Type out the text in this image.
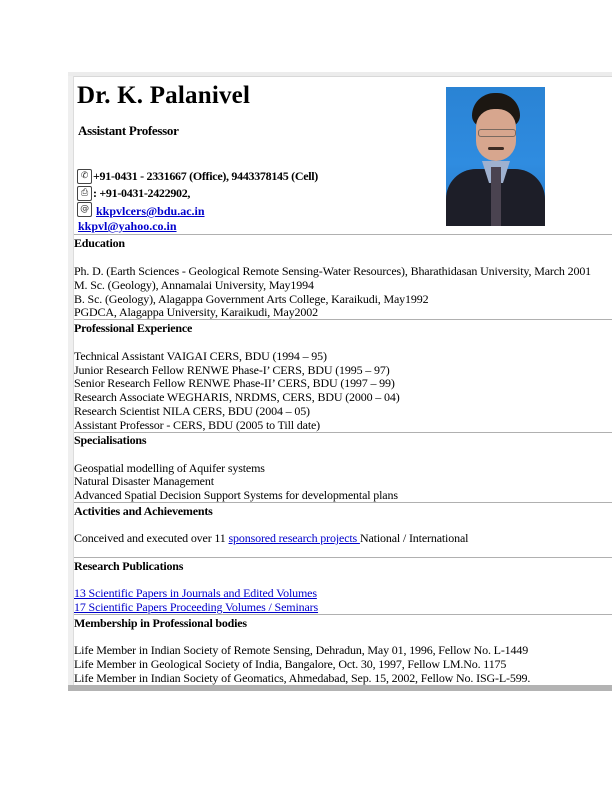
Dr. K. Palanivel
Assistant Professor
✆ +91-0431 - 2331667 (Office), 9443378145 (Cell)
⎙ : +91-0431-2422902,
@ kkpvlcers@bdu.ac.in
kkpvl@yahoo.co.in
Education
Ph. D. (Earth Sciences - Geological Remote Sensing-Water Resources), Bharathidasan University, March 2001
M. Sc. (Geology), Annamalai University, May1994
B. Sc. (Geology), Alagappa Government Arts College, Karaikudi, May1992
PGDCA, Alagappa University, Karaikudi, May2002
Professional Experience
Technical Assistant VAIGAI CERS, BDU (1994 – 95)
Junior Research Fellow RENWE Phase-I’ CERS, BDU (1995 – 97)
Senior Research Fellow RENWE Phase-II’ CERS, BDU (1997 – 99)
Research Associate WEGHARIS, NRDMS, CERS, BDU (2000 – 04)
Research Scientist NILA CERS, BDU (2004 – 05)
Assistant Professor - CERS, BDU (2005 to Till date)
Specialisations
Geospatial modelling of Aquifer systems
Natural Disaster Management
Advanced Spatial Decision Support Systems for developmental plans
Activities and Achievements
Conceived and executed over 11 sponsored research projects National / International
Research Publications
13 Scientific Papers in Journals and Edited Volumes
17 Scientific Papers Proceeding Volumes / Seminars
Membership in Professional bodies
Life Member in Indian Society of Remote Sensing, Dehradun, May 01, 1996, Fellow No. L-1449
Life Member in Geological Society of India, Bangalore, Oct. 30, 1997, Fellow LM.No. 1175
Life Member in Indian Society of Geomatics, Ahmedabad, Sep. 15, 2002, Fellow No. ISG-L-599.
